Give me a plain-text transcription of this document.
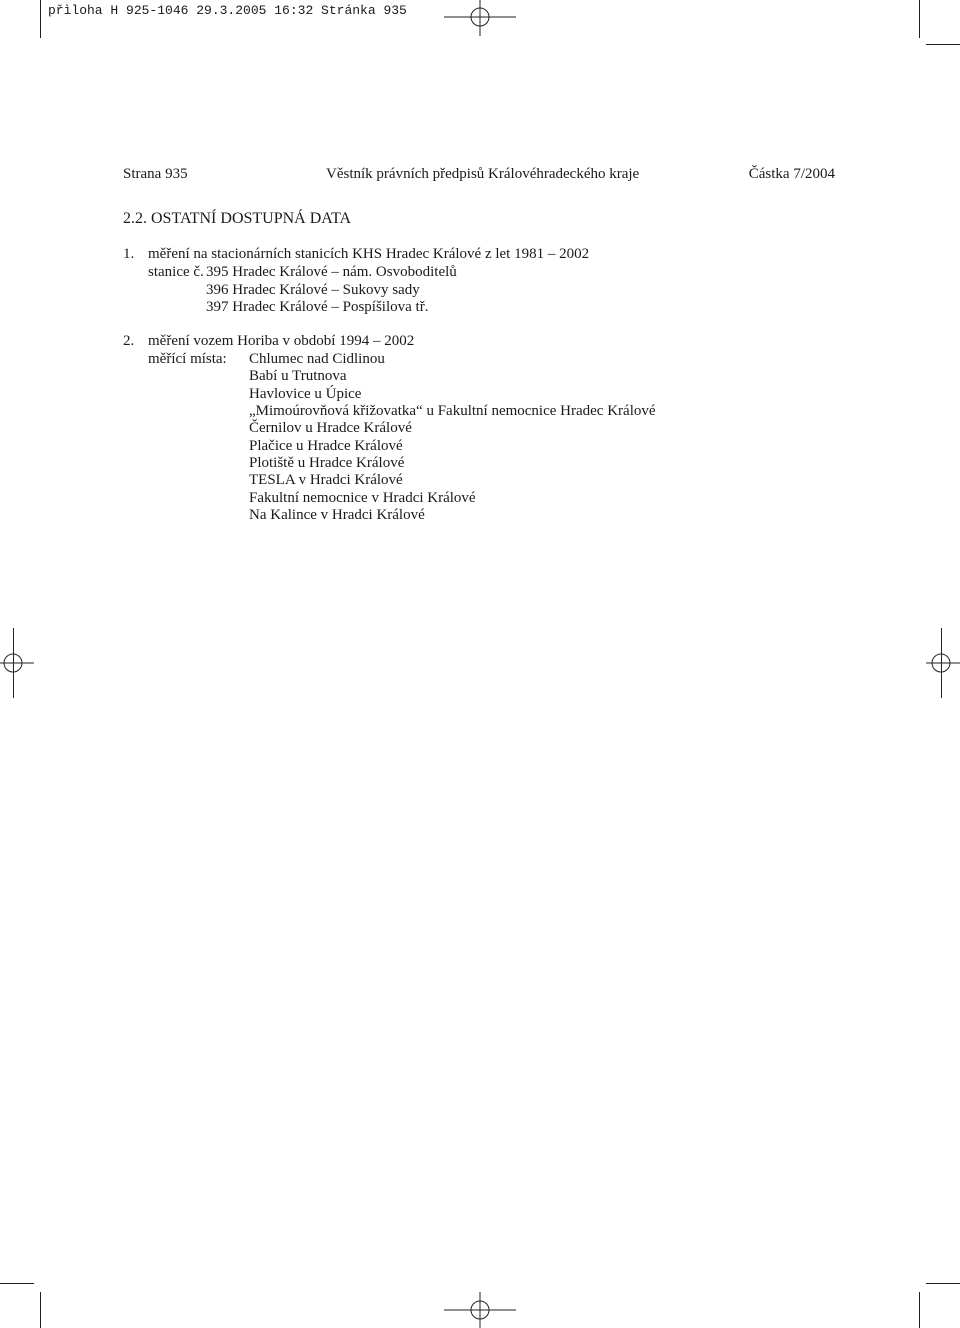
přìloha H 925-1046 29.3.2005 16:32 Stránka 935
Strana 935	Věstník právních předpisů Královéhradeckého kraje	Částka 7/2004
2.2. OSTATNÍ DOSTUPNÁ DATA
1. měření na stacionárních stanicích KHS Hradec Králové z let 1981 – 2002
stanice č. 395 Hradec Králové – nám. Osvoboditelů
396 Hradec Králové – Sukovy sady
397 Hradec Králové – Pospíšilova tř.
2. měření vozem Horiba v období 1994 – 2002
měřící místa: Chlumec nad Cidlinou
Babí u Trutnova
Havlovice u Úpice
„Mimoúrovňová křižovatka“ u Fakultní nemocnice Hradec Králové
Černilov u Hradce Králové
Plačice u Hradce Králové
Plotiště u Hradce Králové
TESLA v Hradci Králové
Fakultní nemocnice v Hradci Králové
Na Kalince v Hradci Králové
